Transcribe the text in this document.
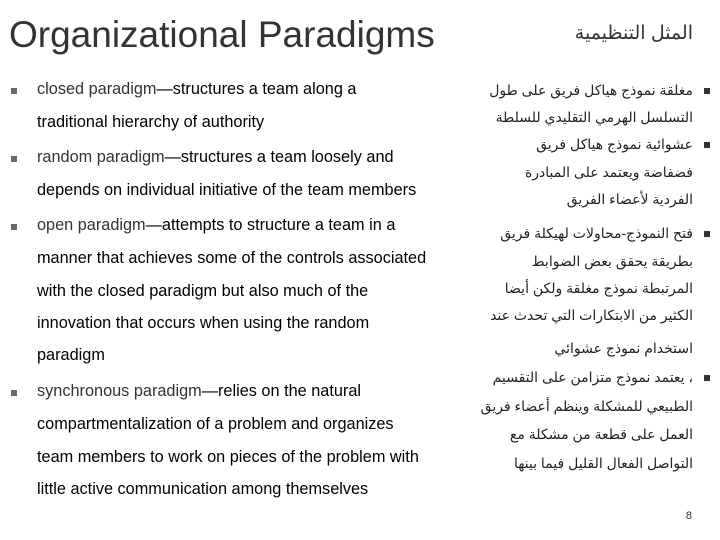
Organizational Paradigms	المثل التنظيمية
closed paradigm—structures a team along a
traditional hierarchy of authority
random paradigm—structures a team loosely and
depends on individual initiative of the team members
open paradigm—attempts to structure a team in a
manner that achieves some of the controls associated
with the closed paradigm but also much of the
innovation that occurs when using the random
paradigm
synchronous paradigm—relies on the natural
compartmentalization of a problem and organizes
team members to work on pieces of the problem with
little active communication among themselves
مغلقة نموذج هياكل فريق على طول
التسلسل الهرمي التقليدي للسلطة
عشوائية نموذج هياكل فريق
فضفاضة ويعتمد على المبادرة
الفردية لأعضاء الفريق
فتح النموذج-محاولات لهيكلة فريق
بطريقة يحقق بعض الضوابط
المرتبطة نموذج مغلقة ولكن أيضا
الكثير من الابتكارات التي تحدث عند
استخدام نموذج عشوائي
، يعتمد نموذج متزامن على التقسيم
الطبيعي للمشكلة وينظم أعضاء فريق
العمل على قطعة من مشكلة مع
التواصل الفعال القليل فيما بينها
8
